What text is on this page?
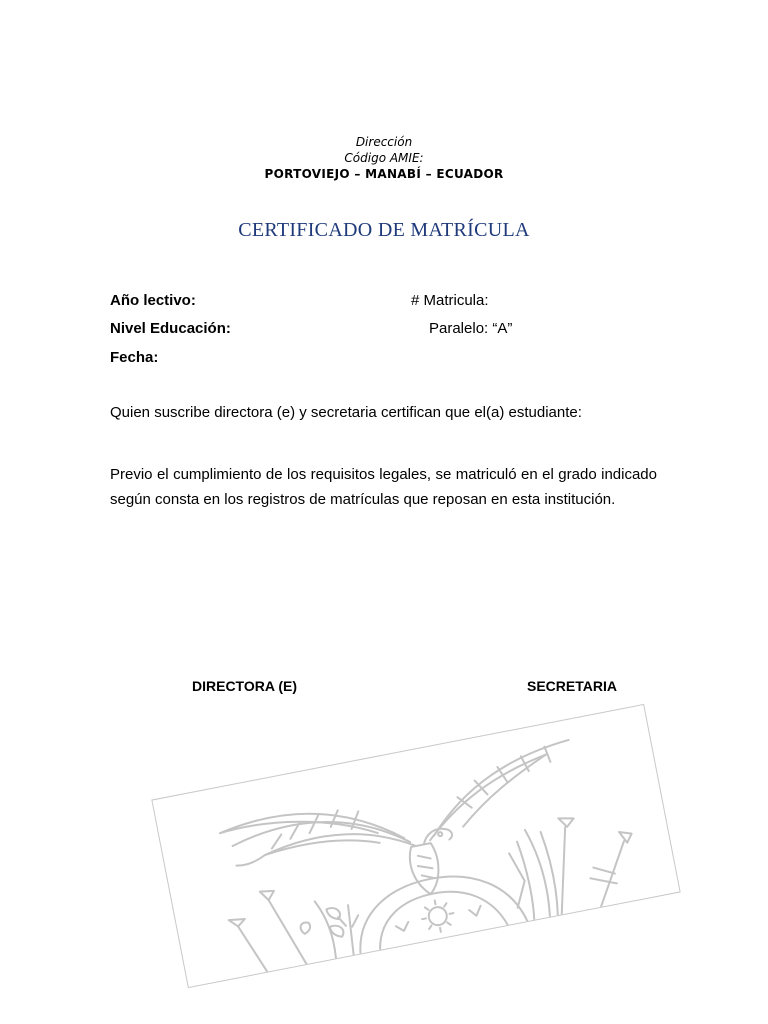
Dirección
Código AMIE:
PORTOVIEJO – MANABÍ – ECUADOR
CERTIFICADO DE MATRÍCULA
Año lectivo:	# Matricula:
Nivel Educación:	Paralelo: “A”
Fecha:
Quien suscribe directora (e) y secretaria certifican que el(a) estudiante:
Previo el cumplimiento de los requisitos legales, se matriculó en el grado indicado según consta en los registros de matrículas que reposan en esta institución.
DIRECTORA (E)	SECRETARIA
